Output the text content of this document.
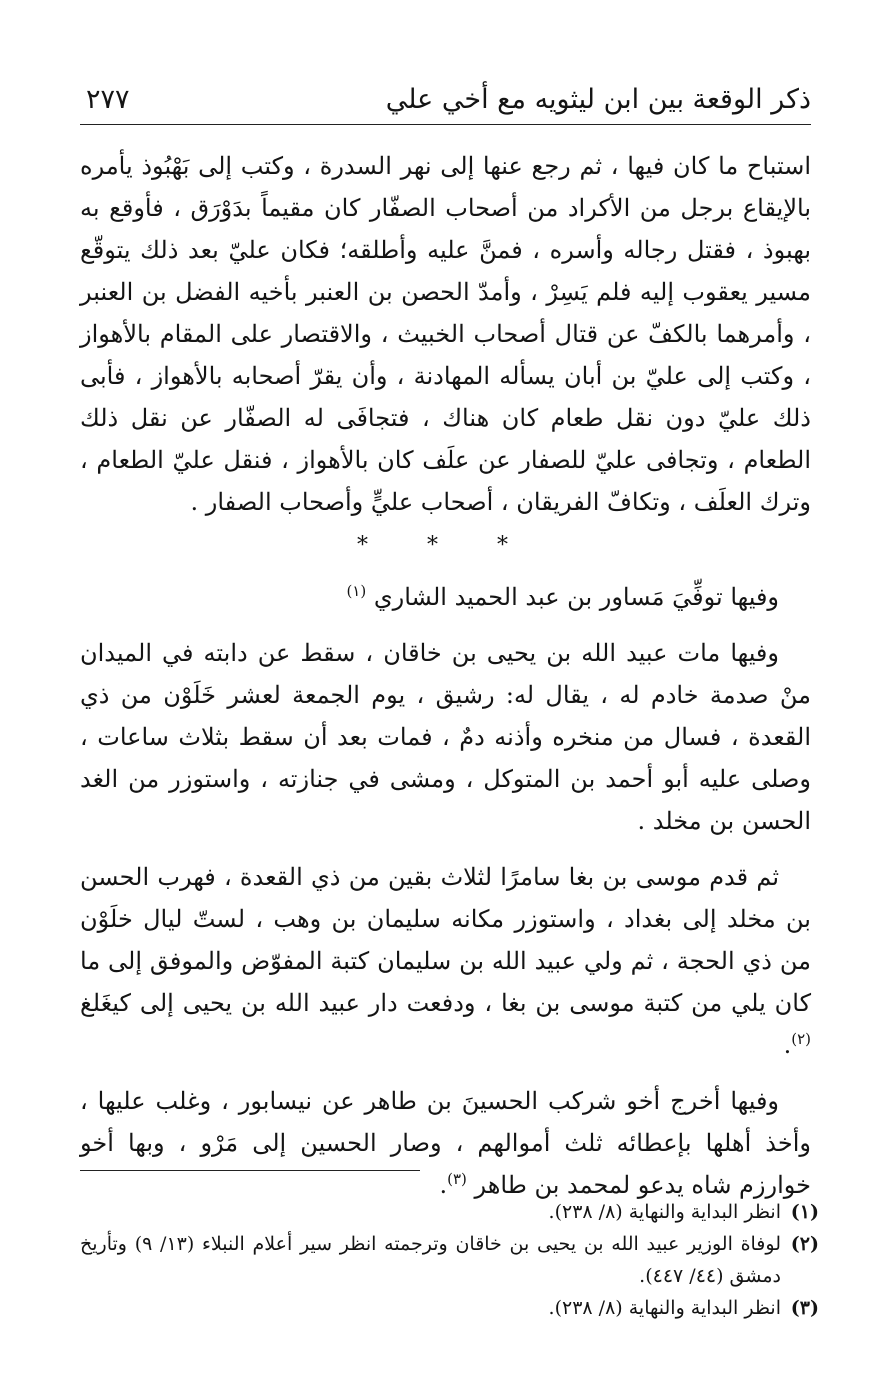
ذكر الوقعة بين ابن ليثويه مع أخي علي
٢٧٧

استباح ما كان فيها ، ثم رجع عنها إلى نهر السدرة ، وكتب إلى بَهْبُوذ يأمره بالإيقاع برجل من الأكراد من أصحاب الصفّار كان مقيماً بدَوْرَق ، فأوقع به بهبوذ ، فقتل رجاله وأسره ، فمنَّ عليه وأطلقه؛ فكان عليّ بعد ذلك يتوقّع مسير يعقوب إليه فلم يَسِرْ ، وأمدّ الحصن بن العنبر بأخيه الفضل بن العنبر ، وأمرهما بالكفّ عن قتال أصحاب الخبيث ، والاقتصار على المقام بالأهواز ، وكتب إلى عليّ بن أبان يسأله المهادنة ، وأن يقرّ أصحابه بالأهواز ، فأبى ذلك عليّ دون نقل طعام كان هناك ، فتجافَى له الصفّار عن نقل ذلك الطعام ، وتجافى عليّ للصفار عن علَف كان بالأهواز ، فنقل عليّ الطعام ، وترك العلَف ، وتكافّ الفريقان ، أصحاب عليٍّ وأصحاب الصفار .

* * *

وفيها توفِّيَ مَساور بن عبد الحميد الشاري $^{(١)}$

وفيها مات عبيد الله بن يحيى بن خاقان ، سقط عن دابته في الميدان منْ صدمة خادم له ، يقال له: رشيق ، يوم الجمعة لعشر خَلَوْن من ذي القعدة ، فسال من منخره وأذنه دمٌ ، فمات بعد أن سقط بثلاث ساعات ، وصلى عليه أبو أحمد بن المتوكل ، ومشى في جنازته ، واستوزر من الغد الحسن بن مخلد .

ثم قدم موسى بن بغا سامرًا لثلاث بقين من ذي القعدة ، فهرب الحسن بن مخلد إلى بغداد ، واستوزر مكانه سليمان بن وهب ، لستّ ليال خلَوْن من ذي الحجة ، ثم ولي عبيد الله بن سليمان كتبة المفوّض والموفق إلى ما كان يلي من كتبة موسى بن بغا ، ودفعت دار عبيد الله بن يحيى إلى كيغَلغ $^{(٢)}$.

وفيها أخرج أخو شركب الحسينَ بن طاهر عن نيسابور ، وغلب عليها ، وأخذ أهلها بإعطائه ثلث أموالهم ، وصار الحسين إلى مَرْو ، وبها أخو خوارزم شاه يدعو لمحمد بن طاهر $^{(٣)}$.

(١)
انظر البداية والنهاية (٨/ ٢٣٨).
(٢)
لوفاة الوزير عبيد الله بن يحيى بن خاقان وترجمته انظر سير أعلام النبلاء (١٣/ ٩) وتأريخ دمشق (٤٤/ ٤٤٧).
(٣)
انظر البداية والنهاية (٨/ ٢٣٨).
